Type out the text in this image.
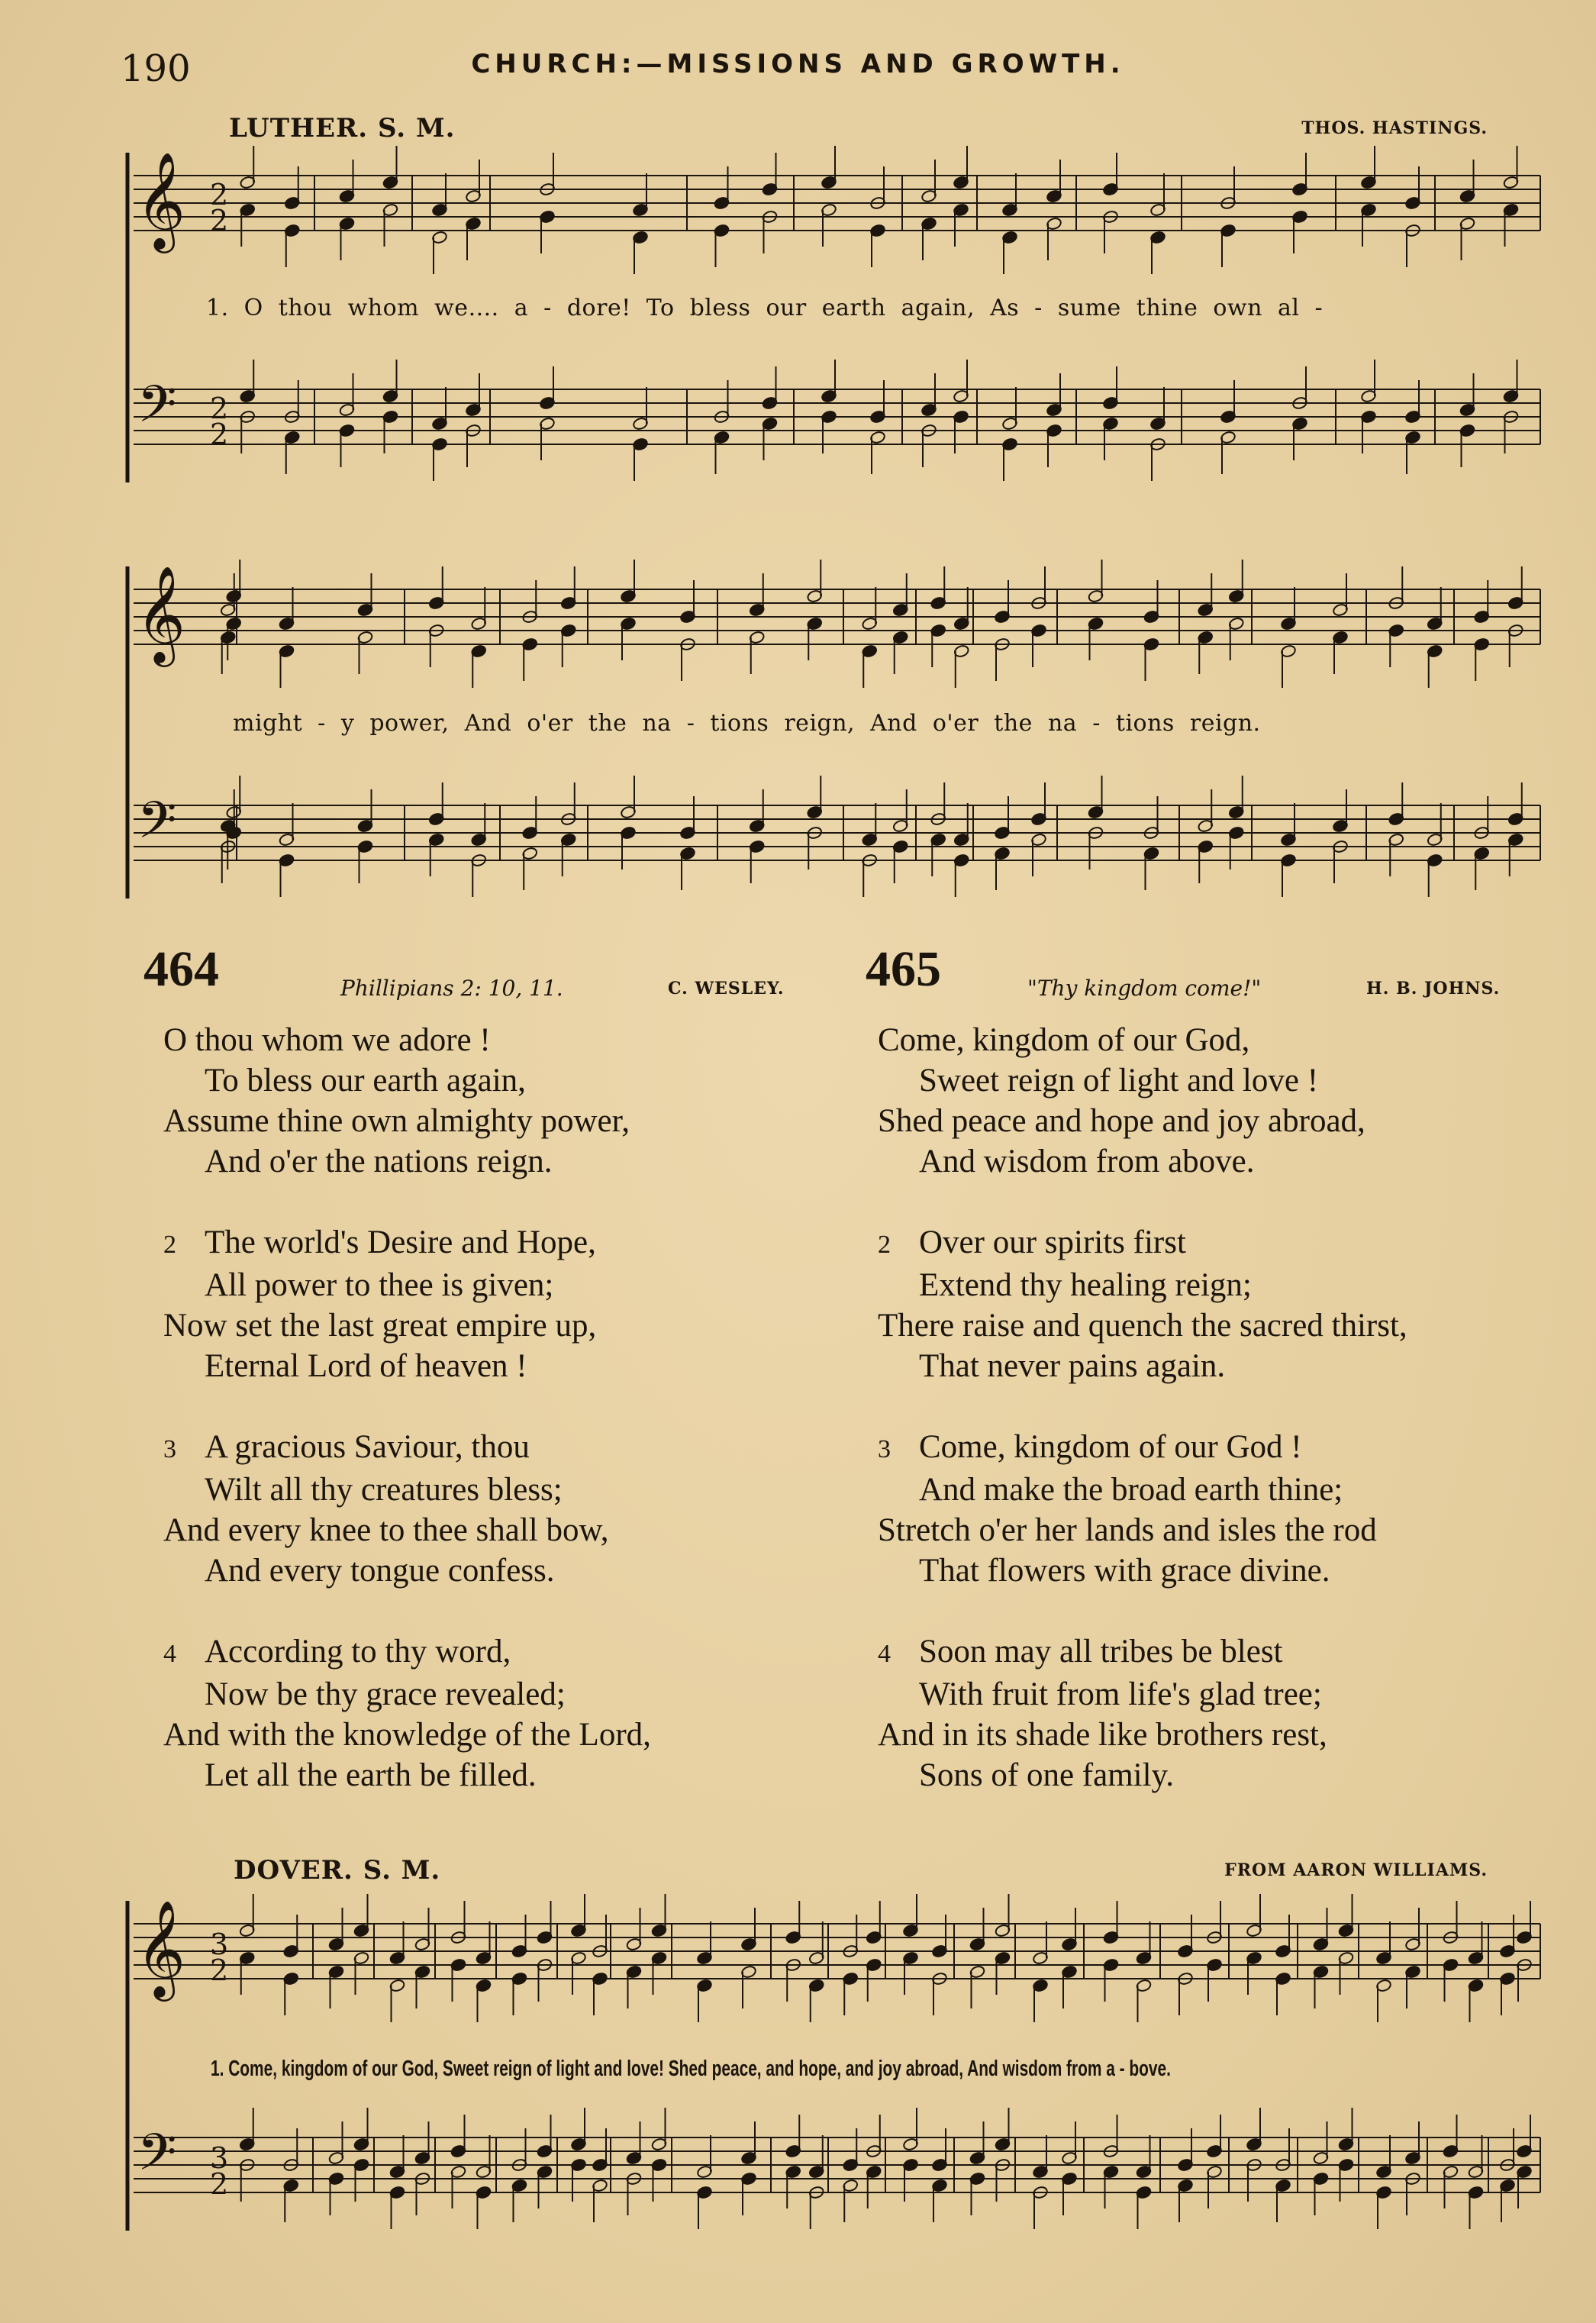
190	CHURCH:—MISSIONS AND GROWTH.
𝄞
𝄞
𝄞
𝄢
𝄢
𝄢
2
2
2
2
3
2
3
2
LUTHER. S. M.	THOS. HASTINGS.
1. O thou whom we.... a - dore! To bless our earth again, As - sume thine own al -
might - y power, And o'er the na - tions reign, And o'er the na - tions reign.
464	Phillipians 2: 10, 11.	C. WESLEY.
O thou whom we adore !
To bless our earth again,
Assume thine own almighty power,
And o'er the nations reign.
2 The world's Desire and Hope,
All power to thee is given;
Now set the last great empire up,
Eternal Lord of heaven !
3 A gracious Saviour, thou
Wilt all thy creatures bless;
And every knee to thee shall bow,
And every tongue confess.
4 According to thy word,
Now be thy grace revealed;
And with the knowledge of the Lord,
Let all the earth be filled.
465	"Thy kingdom come!"	H. B. JOHNS.
Come, kingdom of our God,
Sweet reign of light and love !
Shed peace and hope and joy abroad,
And wisdom from above.
2 Over our spirits first
Extend thy healing reign;
There raise and quench the sacred thirst,
That never pains again.
3 Come, kingdom of our God !
And make the broad earth thine;
Stretch o'er her lands and isles the rod
That flowers with grace divine.
4 Soon may all tribes be blest
With fruit from life's glad tree;
And in its shade like brothers rest,
Sons of one family.
DOVER. S. M.	FROM AARON WILLIAMS.
1. Come, kingdom of our God, Sweet reign of light and love! Shed peace, and hope, and joy abroad, And wisdom from a - bove.
